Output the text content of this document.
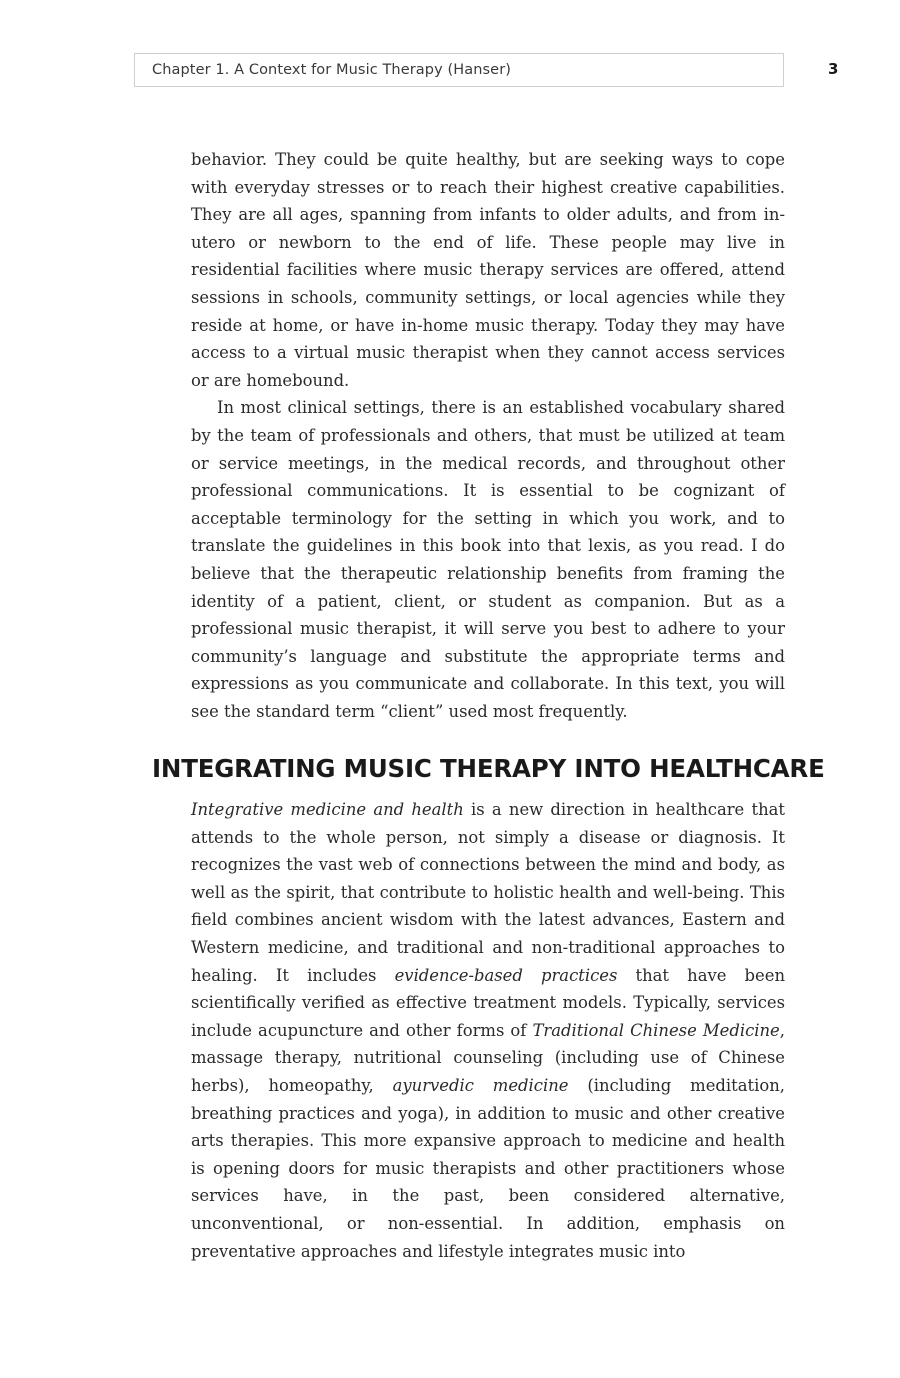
Chapter 1. A Context for Music Therapy (Hanser)	3

behavior. They could be quite healthy, but are seeking ways to cope with everyday stresses or to reach their highest creative capabilities. They are all ages, spanning from infants to older adults, and from in-utero or newborn to the end of life. These people may live in residential facilities where music therapy services are offered, attend sessions in schools, community settings, or local agencies while they reside at home, or have in-home music therapy. Today they may have access to a virtual music therapist when they cannot access services or are homebound.

In most clinical settings, there is an established vocabulary shared by the team of professionals and others, that must be utilized at team or service meetings, in the medical records, and throughout other professional communications. It is essential to be cognizant of acceptable terminology for the setting in which you work, and to translate the guidelines in this book into that lexis, as you read. I do believe that the therapeutic relationship benefits from framing the identity of a patient, client, or student as companion. But as a professional music therapist, it will serve you best to adhere to your community’s language and substitute the appropriate terms and expressions as you communicate and collaborate. In this text, you will see the standard term “client” used most frequently.

INTEGRATING MUSIC THERAPY INTO HEALTHCARE

Integrative medicine and health is a new direction in healthcare that attends to the whole person, not simply a disease or diagnosis. It recognizes the vast web of connections between the mind and body, as well as the spirit, that contribute to holistic health and well-being. This field combines ancient wisdom with the latest advances, Eastern and Western medicine, and traditional and non-traditional approaches to healing. It includes evidence-based practices that have been scientifically verified as effective treatment models. Typically, services include acupuncture and other forms of Traditional Chinese Medicine, massage therapy, nutritional counseling (including use of Chinese herbs), homeopathy, ayurvedic medicine (including meditation, breathing practices and yoga), in addition to music and other creative arts therapies. This more expansive approach to medicine and health is opening doors for music therapists and other practitioners whose services have, in the past, been considered alternative, unconventional, or non-essential. In addition, emphasis on preventative approaches and lifestyle integrates music into
